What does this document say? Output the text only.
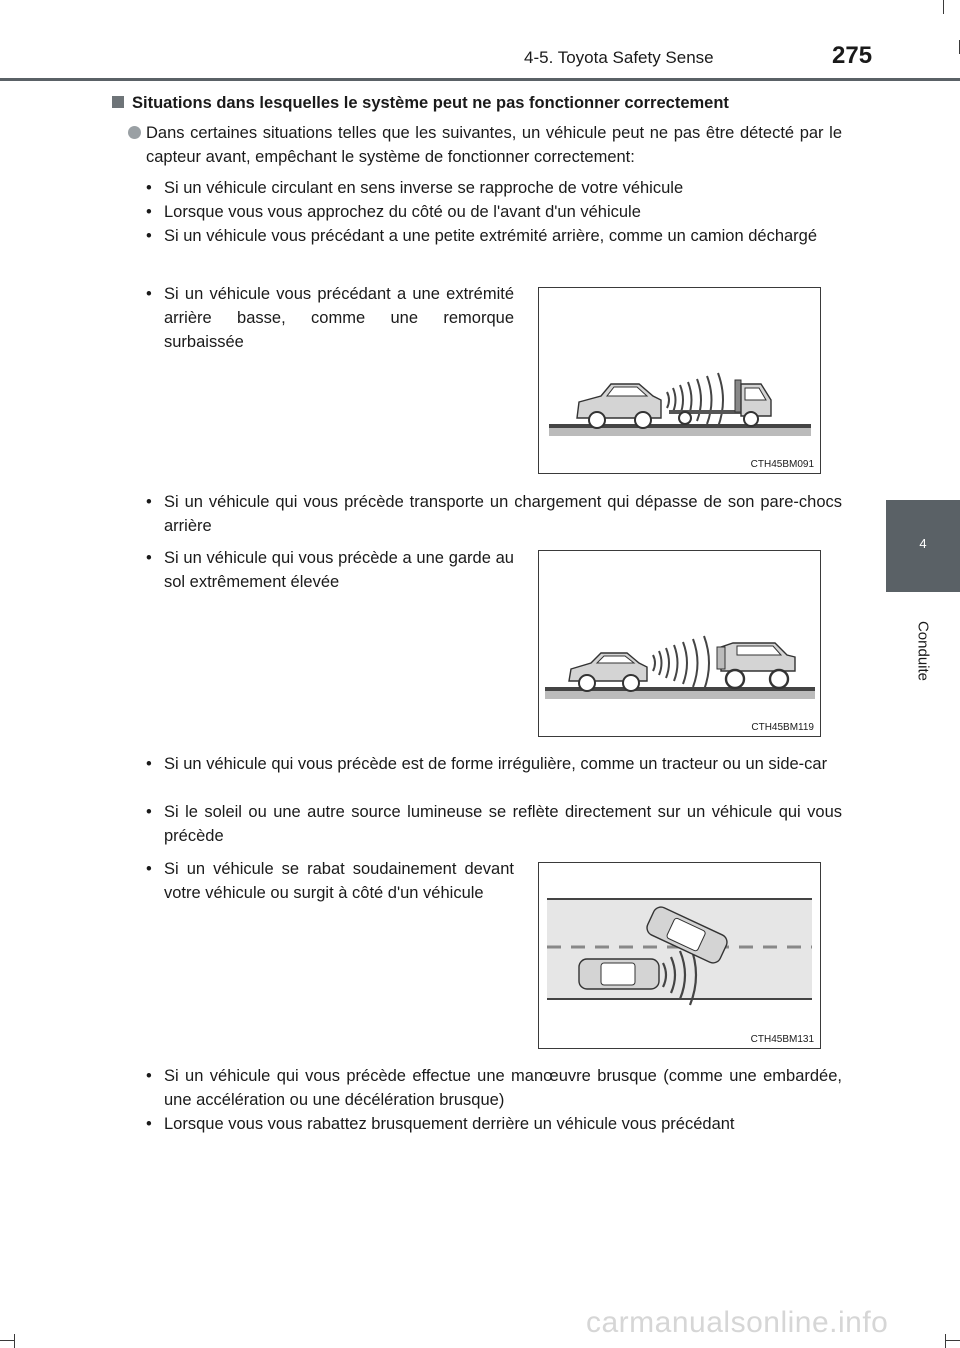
4-5. Toyota Safety Sense	275
4
Conduite
Situations dans lesquelles le système peut ne pas fonctionner correctement
Dans certaines situations telles que les suivantes, un véhicule peut ne pas être détecté par le capteur avant, empêchant le système de fonctionner correctement:
• Si un véhicule circulant en sens inverse se rapproche de votre véhicule
• Lorsque vous vous approchez du côté ou de l'avant d'un véhicule
• Si un véhicule vous précédant a une petite extrémité arrière, comme un camion déchargé
• Si un véhicule vous précédant a une extrémité arrière basse, comme une remorque surbaissée
CTH45BM091
• Si un véhicule qui vous précède transporte un chargement qui dépasse de son pare-chocs arrière
• Si un véhicule qui vous précède a une garde au sol extrêmement élevée
CTH45BM119
• Si un véhicule qui vous précède est de forme irrégulière, comme un tracteur ou un side-car
• Si le soleil ou une autre source lumineuse se reflète directement sur un véhicule qui vous précède
• Si un véhicule se rabat soudainement devant votre véhicule ou surgit à côté d'un véhicule
CTH45BM131
• Si un véhicule qui vous précède effectue une manœuvre brusque (comme une embardée, une accélération ou une décélération brusque)
• Lorsque vous vous rabattez brusquement derrière un véhicule vous précédant
carmanualsonline.info
